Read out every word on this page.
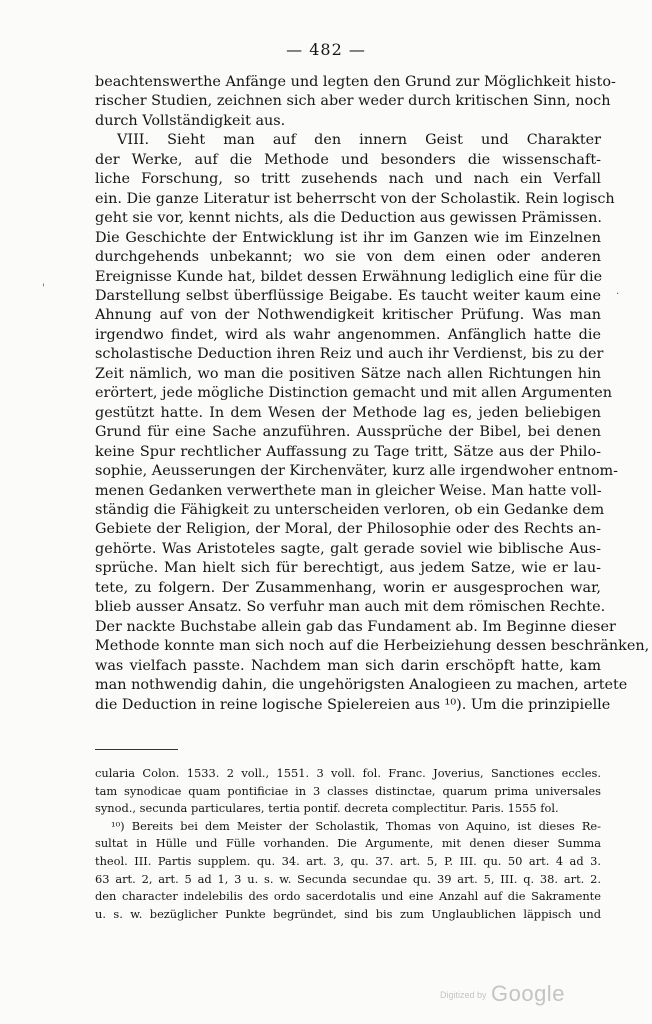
— 482 —
'
·
beachtenswerthe Anfänge und legten den Grund zur Möglichkeit histo-
rischer Studien, zeichnen sich aber weder durch kritischen Sinn, noch
durch Vollständigkeit aus.
VIII. Sieht man auf den innern Geist und Charakter
der Werke, auf die Methode und besonders die wissenschaft-
liche Forschung, so tritt zusehends nach und nach ein Verfall
ein. Die ganze Literatur ist beherrscht von der Scholastik. Rein logisch
geht sie vor, kennt nichts, als die Deduction aus gewissen Prämissen.
Die Geschichte der Entwicklung ist ihr im Ganzen wie im Einzelnen
durchgehends unbekannt; wo sie von dem einen oder anderen
Ereignisse Kunde hat, bildet dessen Erwähnung lediglich eine für die
Darstellung selbst überflüssige Beigabe. Es taucht weiter kaum eine
Ahnung auf von der Nothwendigkeit kritischer Prüfung. Was man
irgendwo findet, wird als wahr angenommen. Anfänglich hatte die
scholastische Deduction ihren Reiz und auch ihr Verdienst, bis zu der
Zeit nämlich, wo man die positiven Sätze nach allen Richtungen hin
erörtert, jede mögliche Distinction gemacht und mit allen Argumenten
gestützt hatte. In dem Wesen der Methode lag es, jeden beliebigen
Grund für eine Sache anzuführen. Aussprüche der Bibel, bei denen
keine Spur rechtlicher Auffassung zu Tage tritt, Sätze aus der Philo-
sophie, Aeusserungen der Kirchenväter, kurz alle irgendwoher entnom-
menen Gedanken verwerthete man in gleicher Weise. Man hatte voll-
ständig die Fähigkeit zu unterscheiden verloren, ob ein Gedanke dem
Gebiete der Religion, der Moral, der Philosophie oder des Rechts an-
gehörte. Was Aristoteles sagte, galt gerade soviel wie biblische Aus-
sprüche. Man hielt sich für berechtigt, aus jedem Satze, wie er lau-
tete, zu folgern. Der Zusammenhang, worin er ausgesprochen war,
blieb ausser Ansatz. So verfuhr man auch mit dem römischen Rechte.
Der nackte Buchstabe allein gab das Fundament ab. Im Beginne dieser
Methode konnte man sich noch auf die Herbeiziehung dessen beschränken,
was vielfach passte. Nachdem man sich darin erschöpft hatte, kam
man nothwendig dahin, die ungehörigsten Analogieen zu machen, artete
die Deduction in reine logische Spielereien aus ¹⁰). Um die prinzipielle
cularia Colon. 1533. 2 voll., 1551. 3 voll. fol. Franc. Joverius, Sanctiones eccles.
tam synodicae quam pontificiae in 3 classes distinctae, quarum prima universales
synod., secunda particulares, tertia pontif. decreta complectitur. Paris. 1555 fol.
¹⁰) Bereits bei dem Meister der Scholastik, Thomas von Aquino, ist dieses Re-
sultat in Hülle und Fülle vorhanden. Die Argumente, mit denen dieser Summa
theol. III. Partis supplem. qu. 34. art. 3, qu. 37. art. 5, P. III. qu. 50 art. 4 ad 3.
63 art. 2, art. 5 ad 1, 3 u. s. w. Secunda secundae qu. 39 art. 5, III. q. 38. art. 2.
den character indelebilis des ordo sacerdotalis und eine Anzahl auf die Sakramente
u. s. w. bezüglicher Punkte begründet, sind bis zum Unglaublichen läppisch und
Digitized by Google
